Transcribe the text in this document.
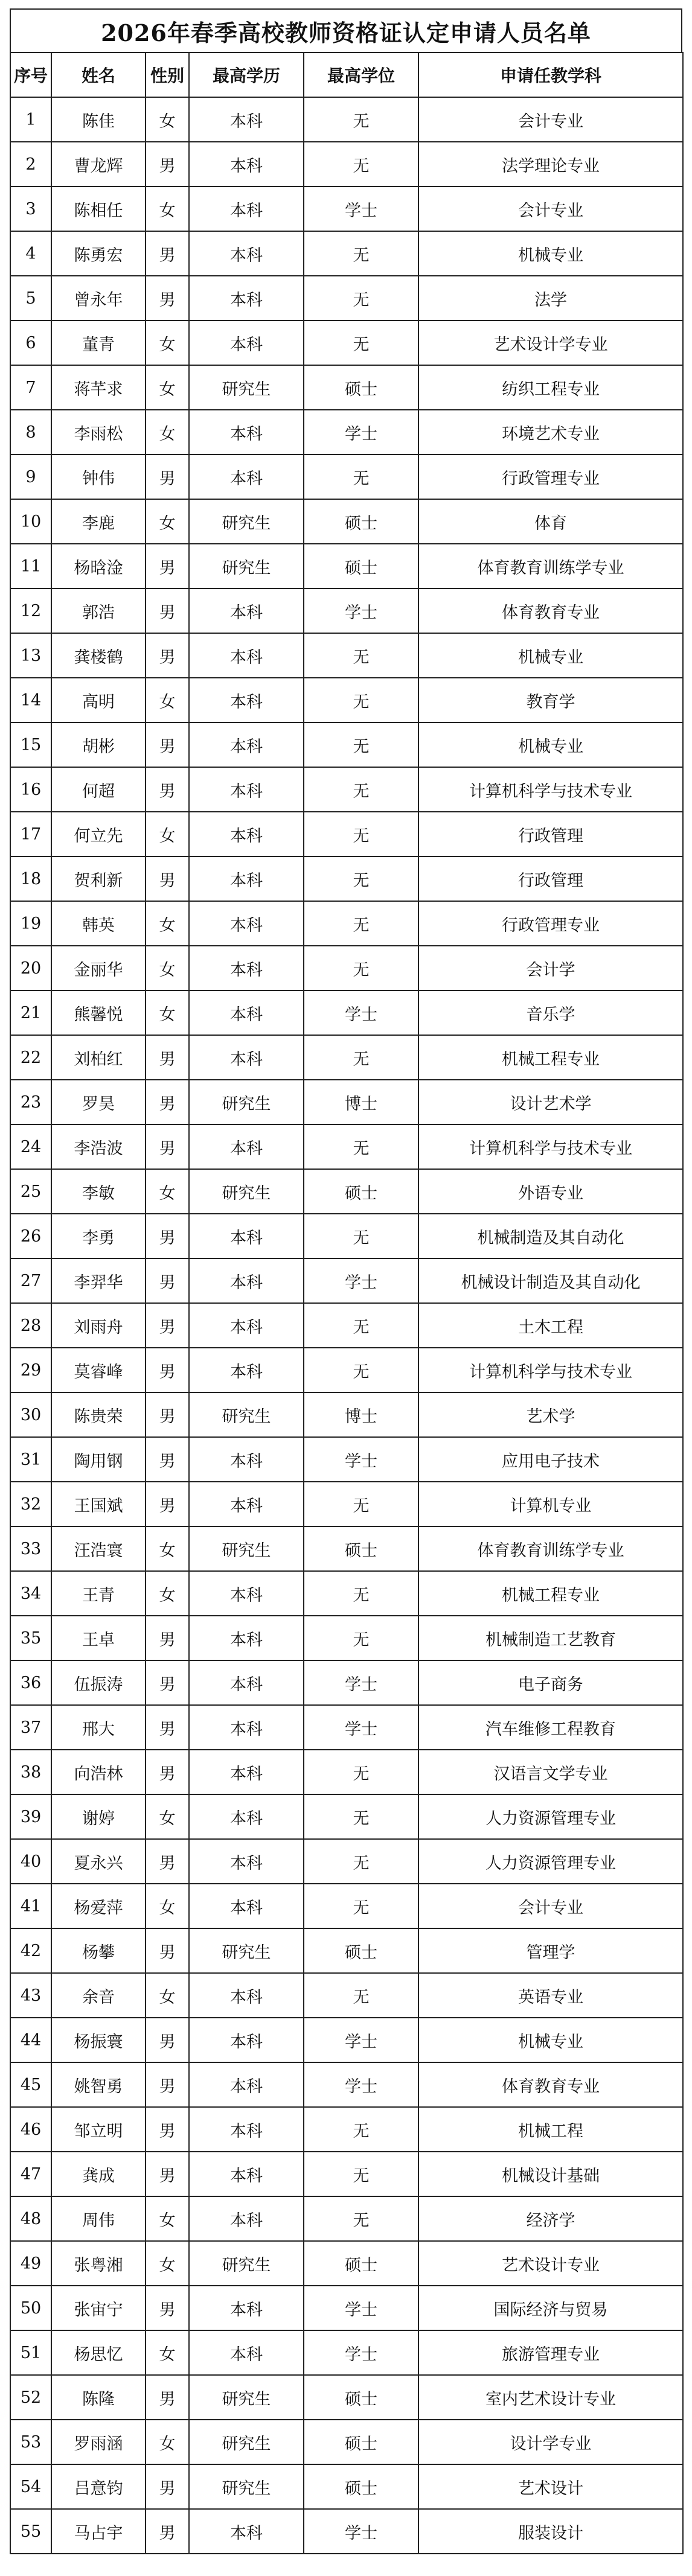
2026年春季高校教师资格证认定申请人员名单
序号	姓名	性别	最高学历	最高学位	申请任教学科
1	陈佳	女	本科	无	会计专业
2	曹龙辉	男	本科	无	法学理论专业
3	陈相任	女	本科	学士	会计专业
4	陈勇宏	男	本科	无	机械专业
5	曾永年	男	本科	无	法学
6	董青	女	本科	无	艺术设计学专业
7	蒋芊求	女	研究生	硕士	纺织工程专业
8	李雨松	女	本科	学士	环境艺术专业
9	钟伟	男	本科	无	行政管理专业
10	李鹿	女	研究生	硕士	体育
11	杨晗淦	男	研究生	硕士	体育教育训练学专业
12	郭浩	男	本科	学士	体育教育专业
13	龚楼鹤	男	本科	无	机械专业
14	高明	女	本科	无	教育学
15	胡彬	男	本科	无	机械专业
16	何超	男	本科	无	计算机科学与技术专业
17	何立先	女	本科	无	行政管理
18	贺利新	男	本科	无	行政管理
19	韩英	女	本科	无	行政管理专业
20	金丽华	女	本科	无	会计学
21	熊馨悦	女	本科	学士	音乐学
22	刘柏红	男	本科	无	机械工程专业
23	罗昊	男	研究生	博士	设计艺术学
24	李浩波	男	本科	无	计算机科学与技术专业
25	李敏	女	研究生	硕士	外语专业
26	李勇	男	本科	无	机械制造及其自动化
27	李羿华	男	本科	学士	机械设计制造及其自动化
28	刘雨舟	男	本科	无	土木工程
29	莫睿峰	男	本科	无	计算机科学与技术专业
30	陈贵荣	男	研究生	博士	艺术学
31	陶用钢	男	本科	学士	应用电子技术
32	王国斌	男	本科	无	计算机专业
33	汪浩寰	女	研究生	硕士	体育教育训练学专业
34	王青	女	本科	无	机械工程专业
35	王卓	男	本科	无	机械制造工艺教育
36	伍振涛	男	本科	学士	电子商务
37	邢大	男	本科	学士	汽车维修工程教育
38	向浩林	男	本科	无	汉语言文学专业
39	谢婷	女	本科	无	人力资源管理专业
40	夏永兴	男	本科	无	人力资源管理专业
41	杨爱萍	女	本科	无	会计专业
42	杨攀	男	研究生	硕士	管理学
43	余音	女	本科	无	英语专业
44	杨振寰	男	本科	学士	机械专业
45	姚智勇	男	本科	学士	体育教育专业
46	邹立明	男	本科	无	机械工程
47	龚成	男	本科	无	机械设计基础
48	周伟	女	本科	无	经济学
49	张粤湘	女	研究生	硕士	艺术设计专业
50	张宙宁	男	本科	学士	国际经济与贸易
51	杨思忆	女	本科	学士	旅游管理专业
52	陈隆	男	研究生	硕士	室内艺术设计专业
53	罗雨涵	女	研究生	硕士	设计学专业
54	吕意钧	男	研究生	硕士	艺术设计
55	马占宇	男	本科	学士	服装设计
